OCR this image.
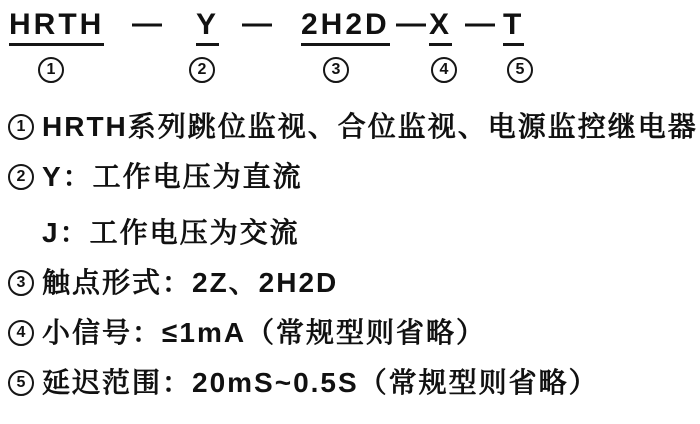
HRTH — Y — 2H2D — X — T
1	2	3	4	5
1 HRTH系列跳位监视、合位监视、电源监控继电器
2 Y：工作电压为直流
J：工作电压为交流
3 触点形式：2Z、2H2D
4 小信号：≤1mA（常规型则省略）
5 延迟范围：20mS~0.5S（常规型则省略）
